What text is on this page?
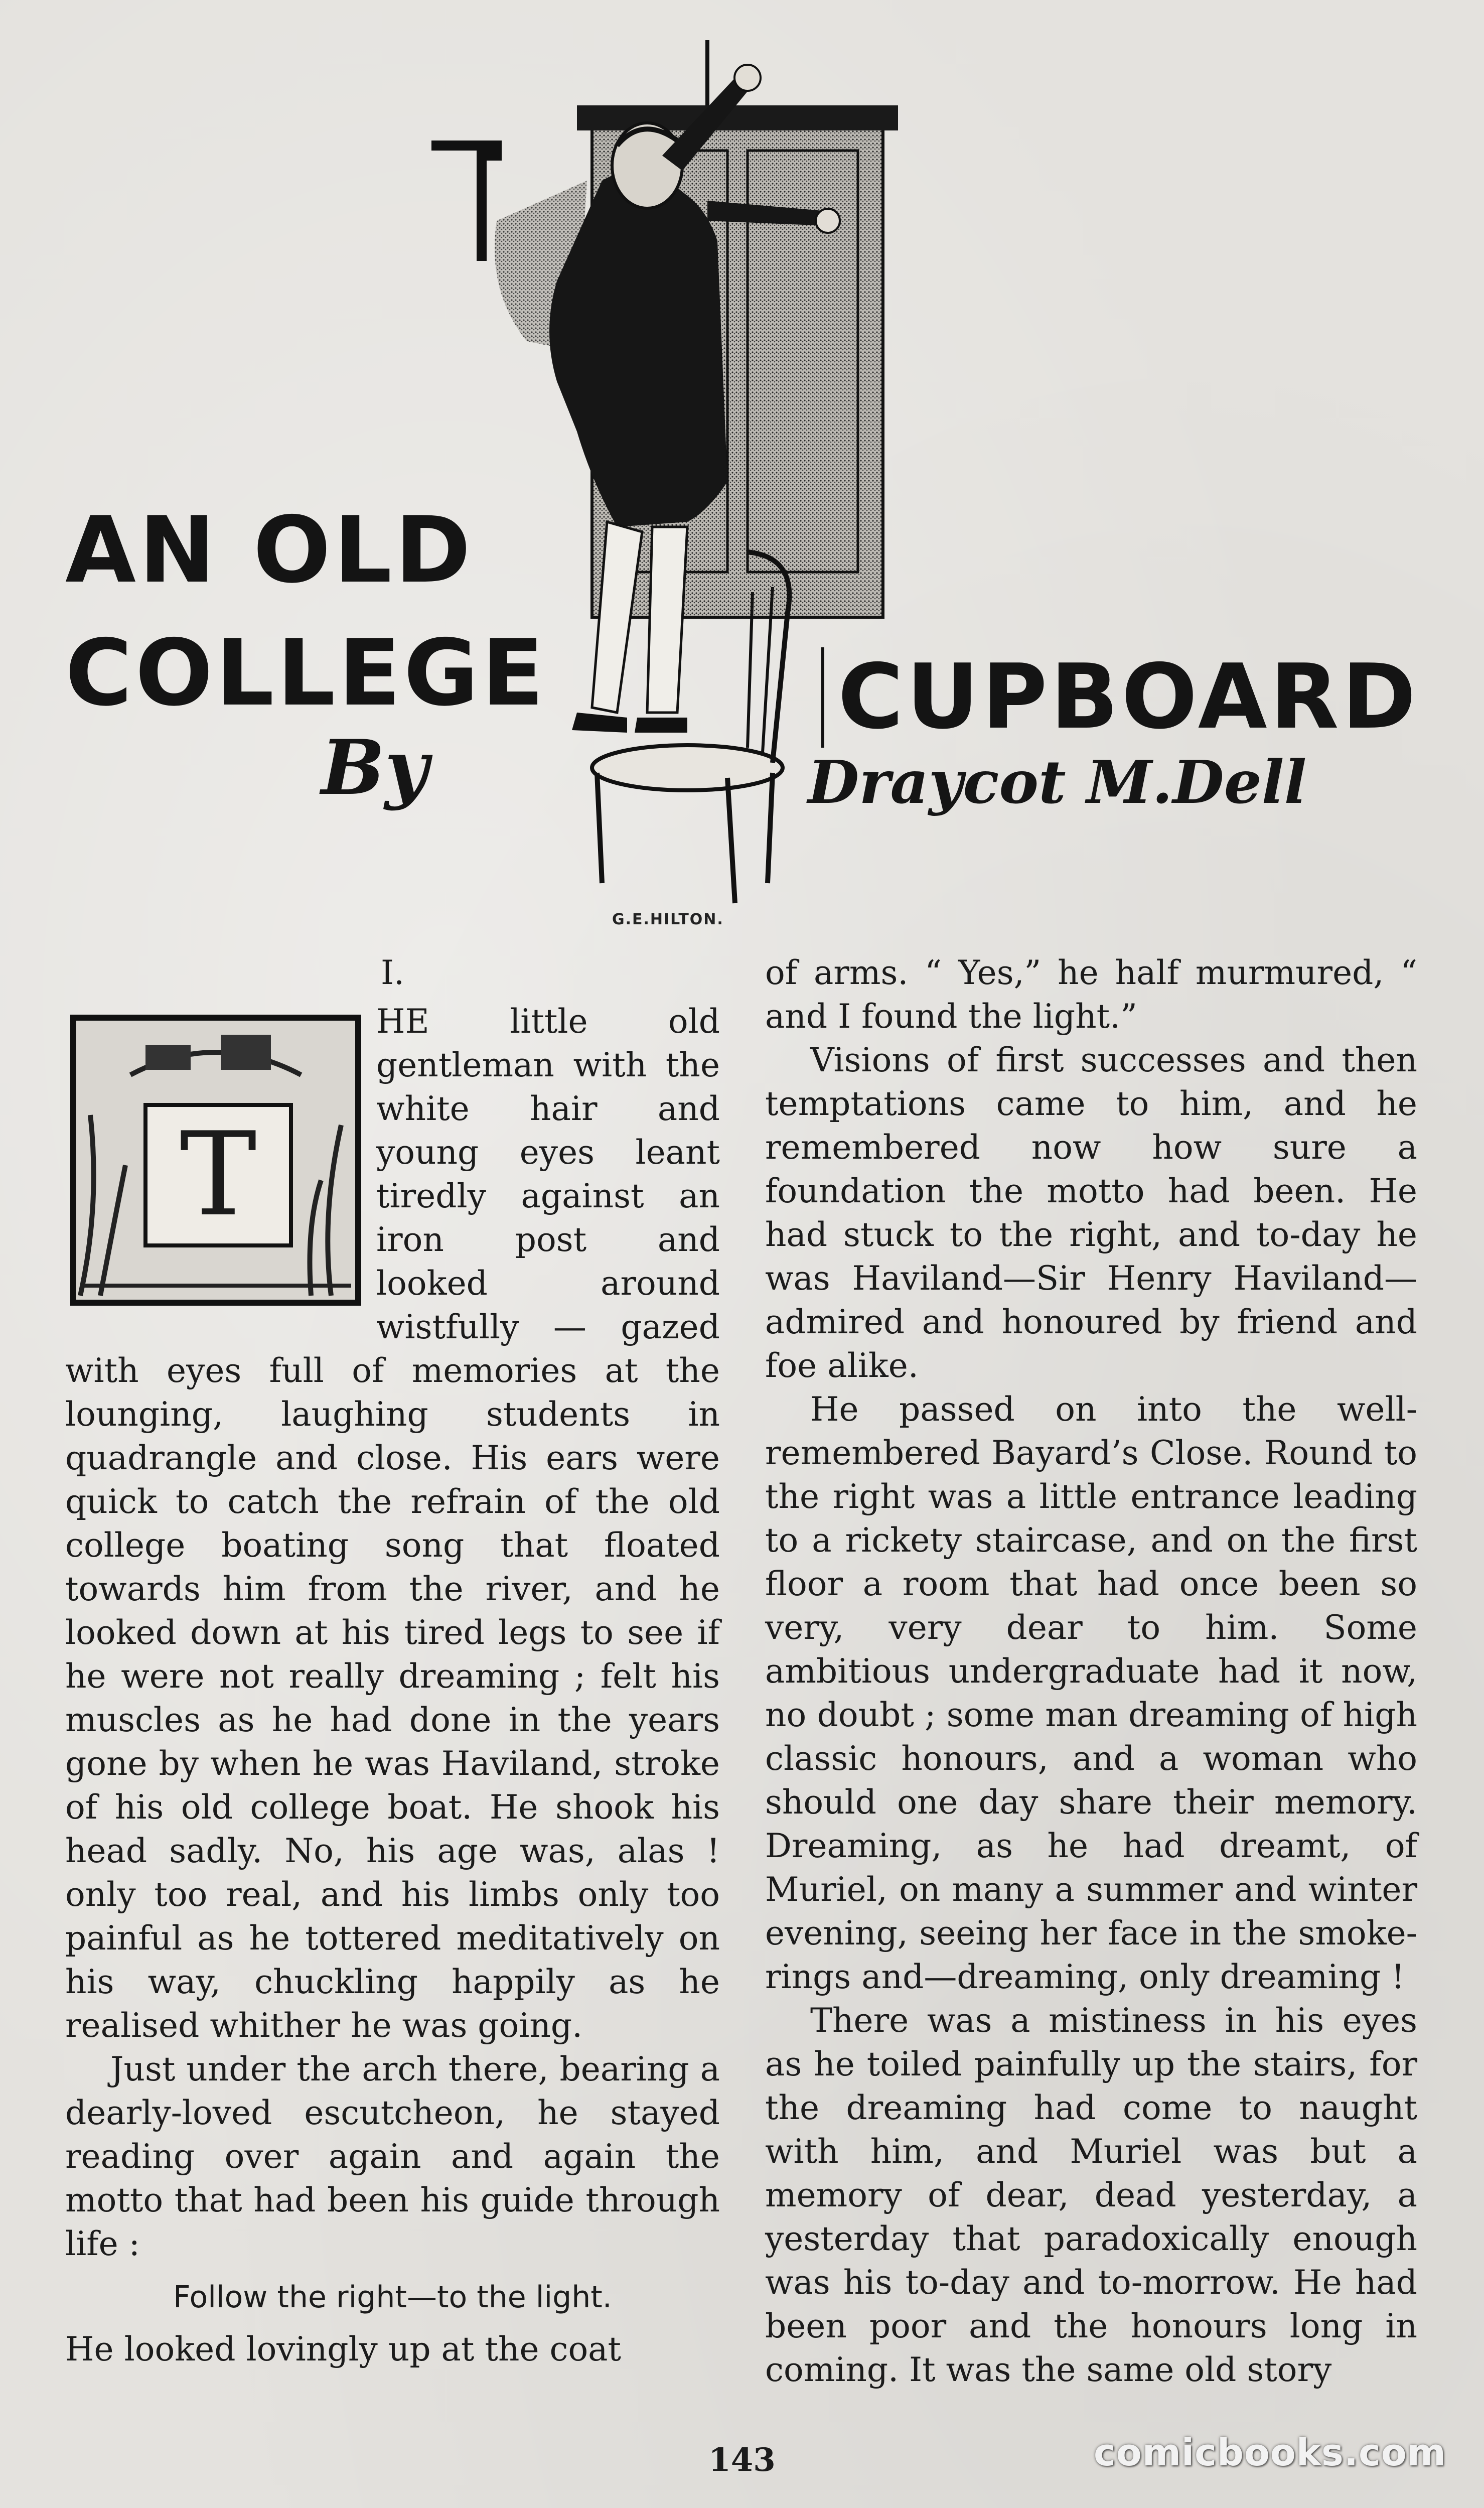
AN OLD
COLLEGE	CUPBOARD
By	Draycot M.Dell
G.E.HILTON.
I.
T

HE little old gentleman with the white hair and young eyes leant tiredly against an iron post and looked around wistfully — gazed with eyes full of memories at the lounging, laughing students in quadrangle and close. His ears were quick to catch the refrain of the old college boating song that floated towards him from the river, and he looked down at his tired legs to see if he were not really dreaming ; felt his muscles as he had done in the years gone by when he was Haviland, stroke of his old college boat. He shook his head sadly. No, his age was, alas ! only too real, and his limbs only too painful as he tottered meditatively on his way, chuckling happily as he realised whither he was going.

Just under the arch there, bearing a dearly-loved escutcheon, he stayed reading over again and again the motto that had been his guide through life :

Follow the right—to the light.

He looked lovingly up at the coat

of arms. “ Yes,” he half murmured, “ and I found the light.”

Visions of first successes and then temptations came to him, and he remembered now how sure a foundation the motto had been. He had stuck to the right, and to-day he was Haviland—Sir Henry Haviland—admired and honoured by friend and foe alike.

He passed on into the well-remembered Bayard’s Close. Round to the right was a little entrance leading to a rickety staircase, and on the first floor a room that had once been so very, very dear to him. Some ambitious undergraduate had it now, no doubt ; some man dreaming of high classic honours, and a woman who should one day share their memory. Dreaming, as he had dreamt, of Muriel, on many a summer and winter evening, seeing her face in the smoke-rings and—dreaming, only dreaming !

There was a mistiness in his eyes as he toiled painfully up the stairs, for the dreaming had come to naught with him, and Muriel was but a memory of dear, dead yesterday, a yesterday that paradoxically enough was his to-day and to-morrow. He had been poor and the honours long in coming. It was the same old story

143	comicbooks.com
